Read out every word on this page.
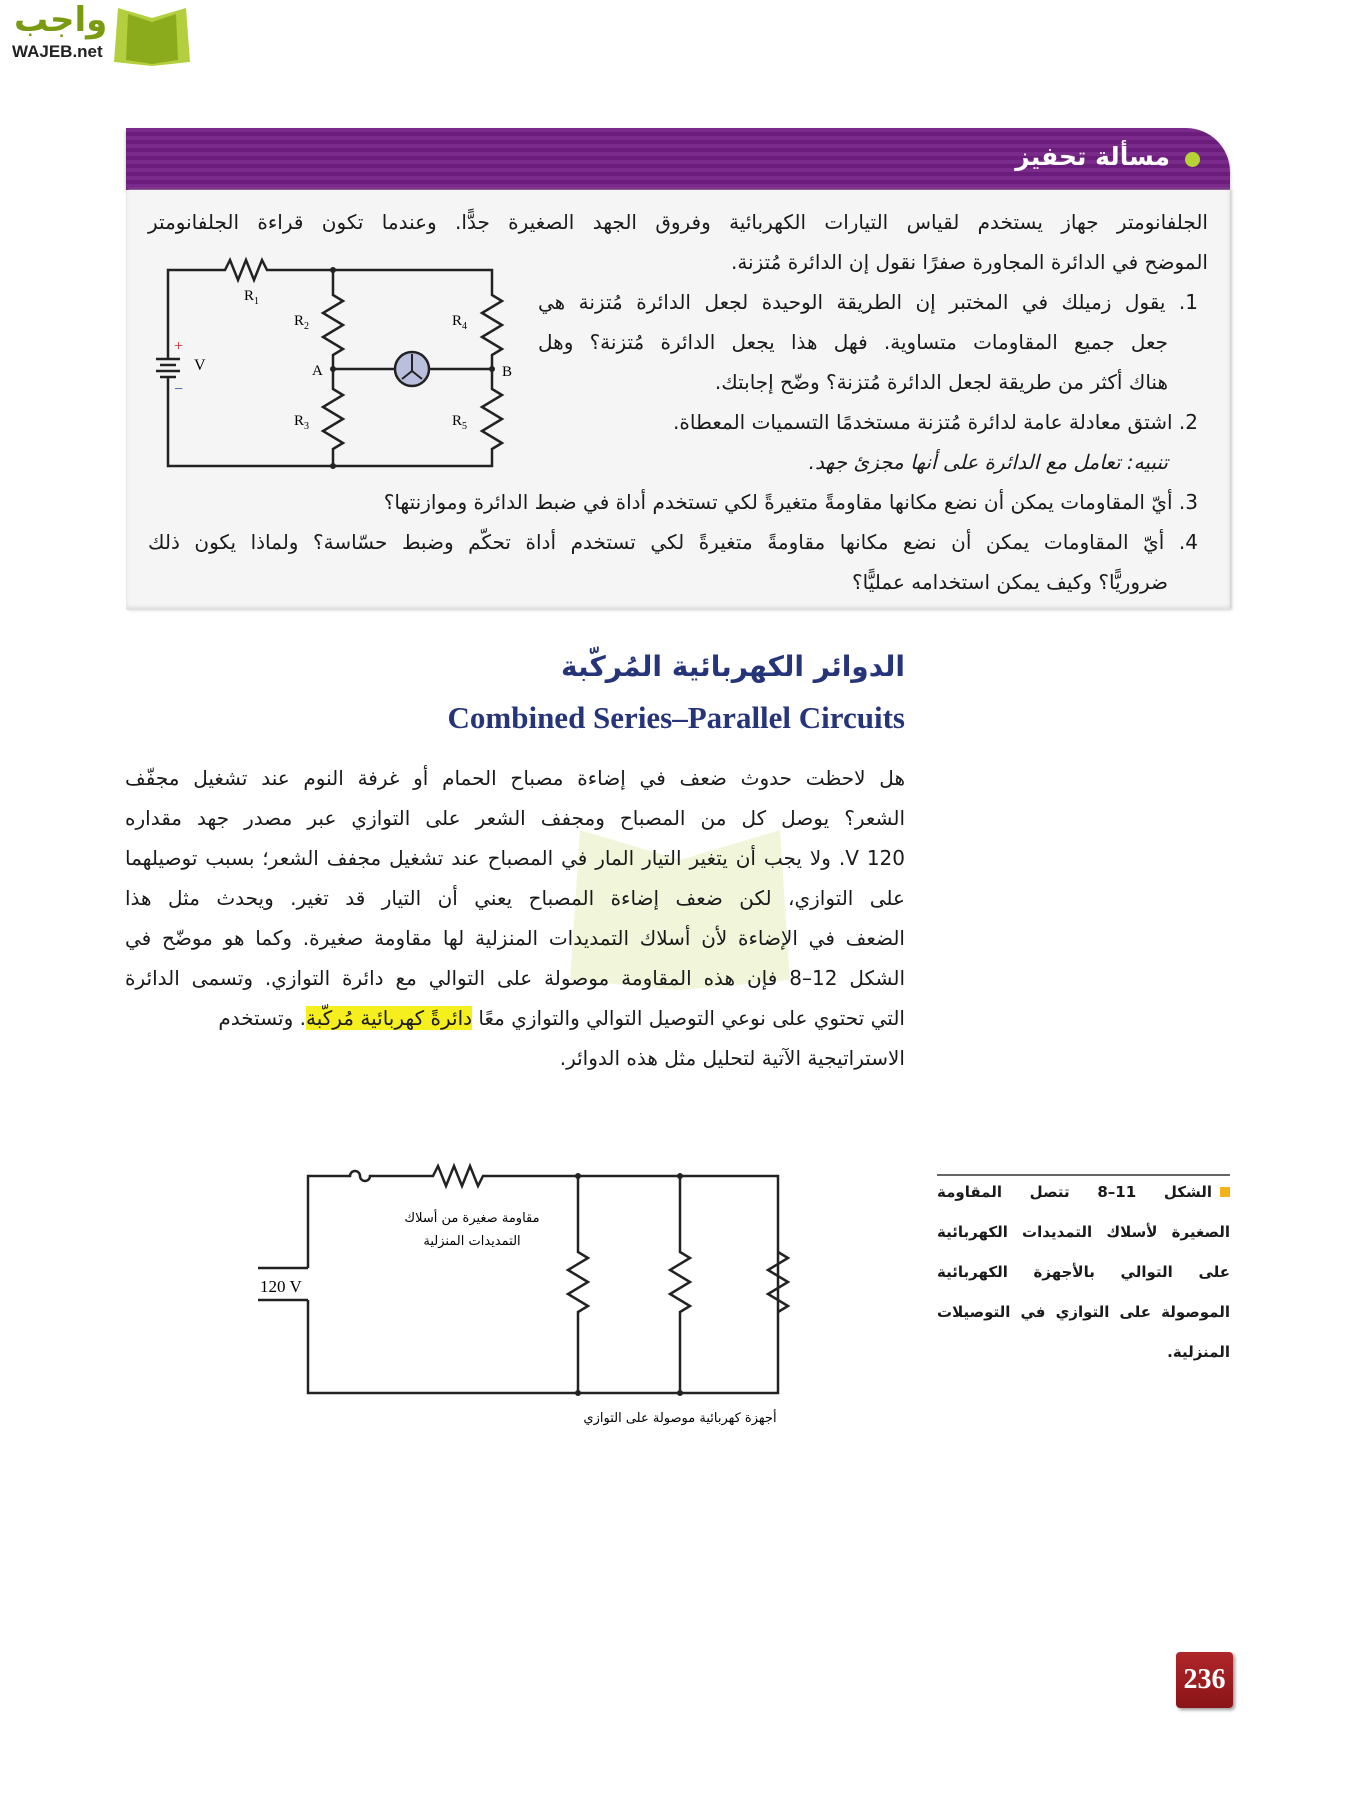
واجب
WAJEB.net
مسألة تحفيز
الجلفانومتر جهاز يستخدم لقياس التيارات الكهربائية وفروق الجهد الصغيرة جدًّا. وعندما تكون قراءة الجلفانومتر
الموضح في الدائرة المجاورة صفرًا نقول إن الدائرة مُتزنة.
1. يقول زميلك في المختبر إن الطريقة الوحيدة لجعل الدائرة مُتزنة هي
جعل جميع المقاومات متساوية. فهل هذا يجعل الدائرة مُتزنة؟ وهل
هناك أكثر من طريقة لجعل الدائرة مُتزنة؟ وضّح إجابتك.
2. اشتق معادلة عامة لدائرة مُتزنة مستخدمًا التسميات المعطاة.
تنبيه: تعامل مع الدائرة على أنها مجزئ جهد.
3. أيّ المقاومات يمكن أن نضع مكانها مقاومةً متغيرةً لكي تستخدم أداة في ضبط الدائرة وموازنتها؟
4. أيّ المقاومات يمكن أن نضع مكانها مقاومةً متغيرةً لكي تستخدم أداة تحكّم وضبط حسّاسة؟ ولماذا يكون ذلك
ضروريًّا؟ وكيف يمكن استخدامه عمليًّا؟
R 1
R 2
R 3
R 4
R 5
V	A	B
+
−
الدوائر الكهربائية المُركّبة
Combined Series–Parallel Circuits
هل لاحظت حدوث ضعف في إضاءة مصباح الحمام أو غرفة النوم عند تشغيل مجفّف
الشعر؟ يوصل كل من المصباح ومجفف الشعر على التوازي عبر مصدر جهد مقداره
120 V. ولا يجب أن يتغير التيار المار في المصباح عند تشغيل مجفف الشعر؛ بسبب توصيلهما
على التوازي، لكن ضعف إضاءة المصباح يعني أن التيار قد تغير. ويحدث مثل هذا
الضعف في الإضاءة لأن أسلاك التمديدات المنزلية لها مقاومة صغيرة. وكما هو موضّح في
الشكل 12–8 فإن هذه المقاومة موصولة على التوالي مع دائرة التوازي. وتسمى الدائرة
التي تحتوي على نوعي التوصيل التوالي والتوازي معًا دائرةً كهربائية مُركّبة. وتستخدم
الاستراتيجية الآتية لتحليل مثل هذه الدوائر.
120 V
مقاومة صغيرة من أسلاك
التمديدات المنزلية
أجهزة كهربائية موصولة على التوازي
الشكل 11–8 تتصل المقاومة
الصغيرة لأسلاك التمديدات الكهربائية
على التوالي بالأجهزة الكهربائية
الموصولة على التوازي في التوصيلات
المنزلية.
236
